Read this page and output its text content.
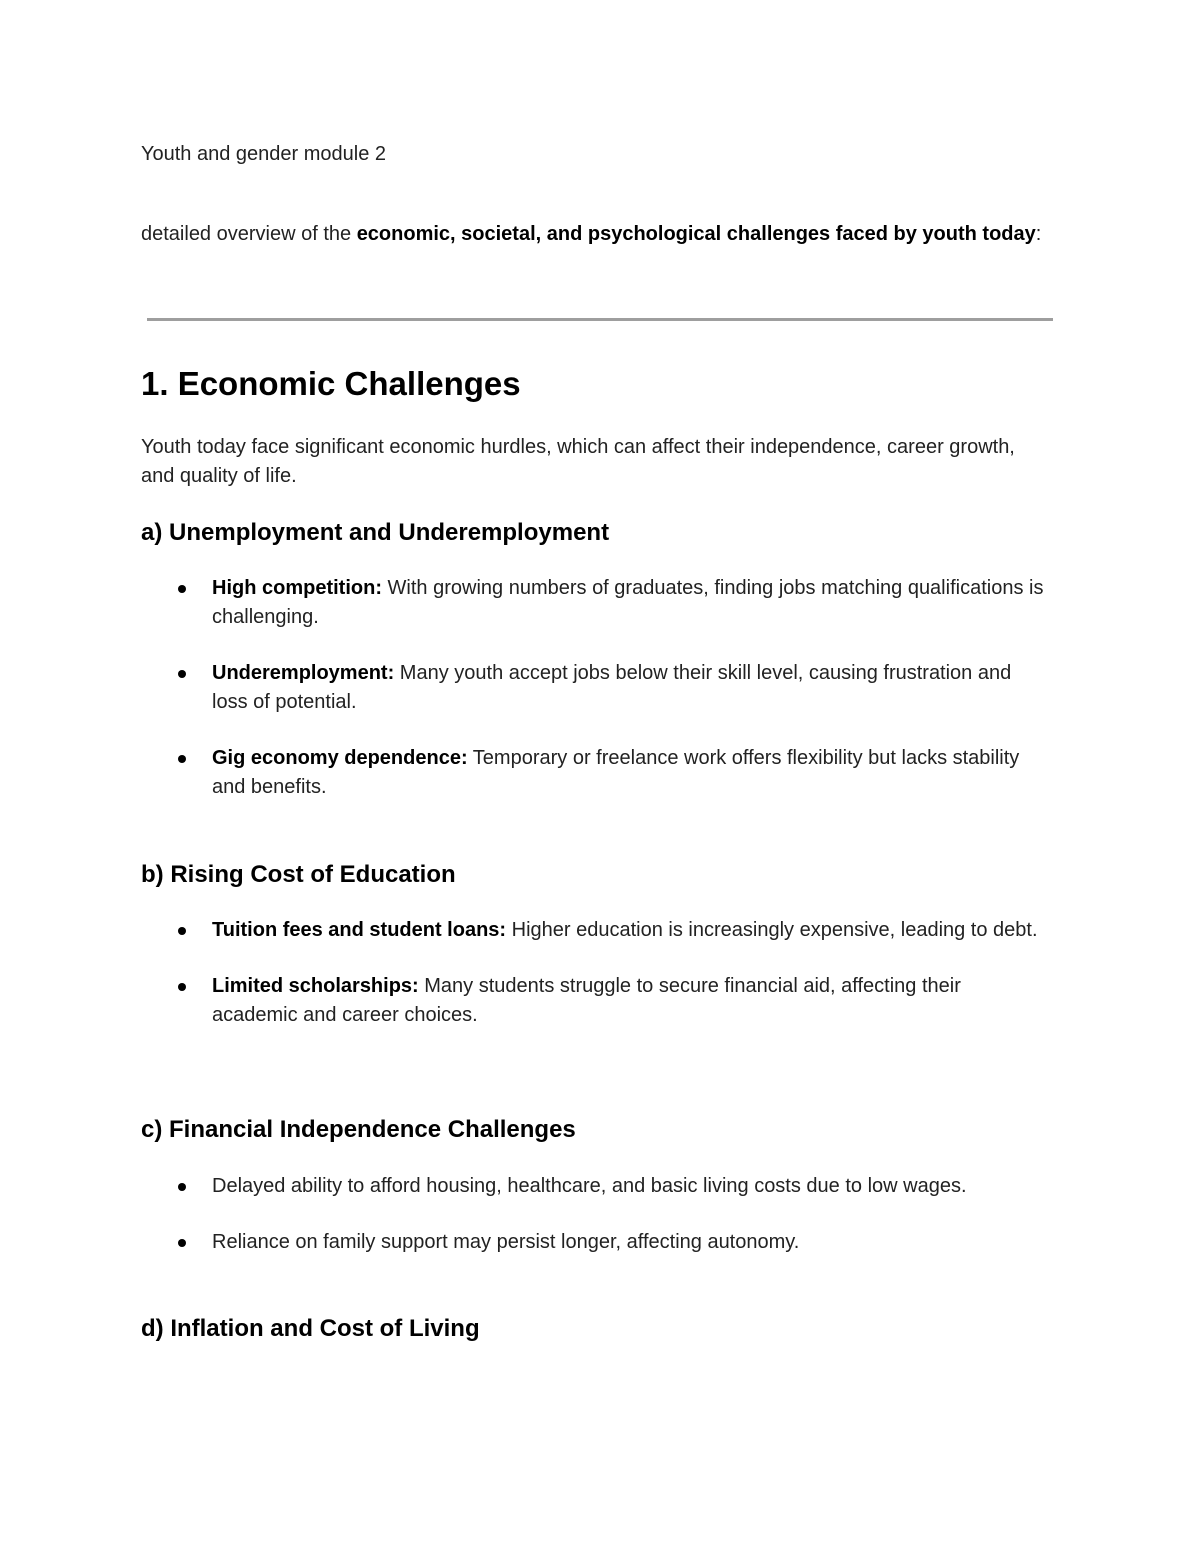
Youth and gender module 2
detailed overview of the economic, societal, and psychological challenges faced by youth today:
1. Economic Challenges
Youth today face significant economic hurdles, which can affect their independence, career growth, and quality of life.
a) Unemployment and Underemployment
High competition: With growing numbers of graduates, finding jobs matching qualifications is challenging.
Underemployment: Many youth accept jobs below their skill level, causing frustration and loss of potential.
Gig economy dependence: Temporary or freelance work offers flexibility but lacks stability and benefits.
b) Rising Cost of Education
Tuition fees and student loans: Higher education is increasingly expensive, leading to debt.
Limited scholarships: Many students struggle to secure financial aid, affecting their academic and career choices.
c) Financial Independence Challenges
Delayed ability to afford housing, healthcare, and basic living costs due to low wages.
Reliance on family support may persist longer, affecting autonomy.
d) Inflation and Cost of Living
